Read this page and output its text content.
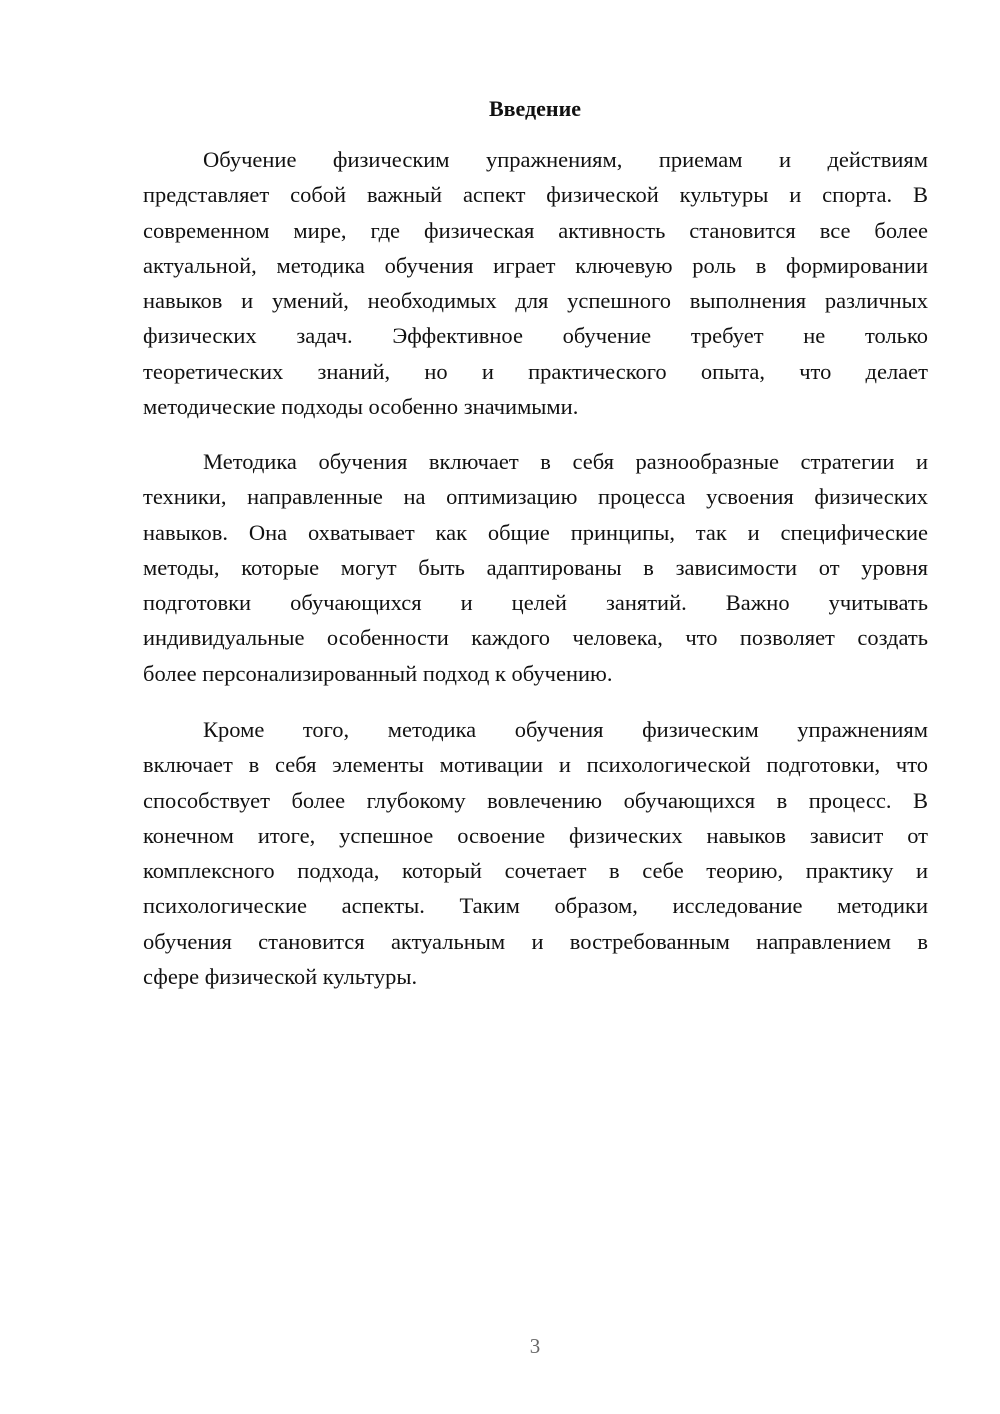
Введение
Обучение физическим упражнениям, приемам и действиям
представляет собой важный аспект физической культуры и спорта. В
современном мире, где физическая активность становится все более
актуальной, методика обучения играет ключевую роль в формировании
навыков и умений, необходимых для успешного выполнения различных
физических задач. Эффективное обучение требует не только
теоретических знаний, но и практического опыта, что делает
методические подходы особенно значимыми.
Методика обучения включает в себя разнообразные стратегии и
техники, направленные на оптимизацию процесса усвоения физических
навыков. Она охватывает как общие принципы, так и специфические
методы, которые могут быть адаптированы в зависимости от уровня
подготовки обучающихся и целей занятий. Важно учитывать
индивидуальные особенности каждого человека, что позволяет создать
более персонализированный подход к обучению.
Кроме того, методика обучения физическим упражнениям
включает в себя элементы мотивации и психологической подготовки, что
способствует более глубокому вовлечению обучающихся в процесс. В
конечном итоге, успешное освоение физических навыков зависит от
комплексного подхода, который сочетает в себе теорию, практику и
психологические аспекты. Таким образом, исследование методики
обучения становится актуальным и востребованным направлением в
сфере физической культуры.
3
